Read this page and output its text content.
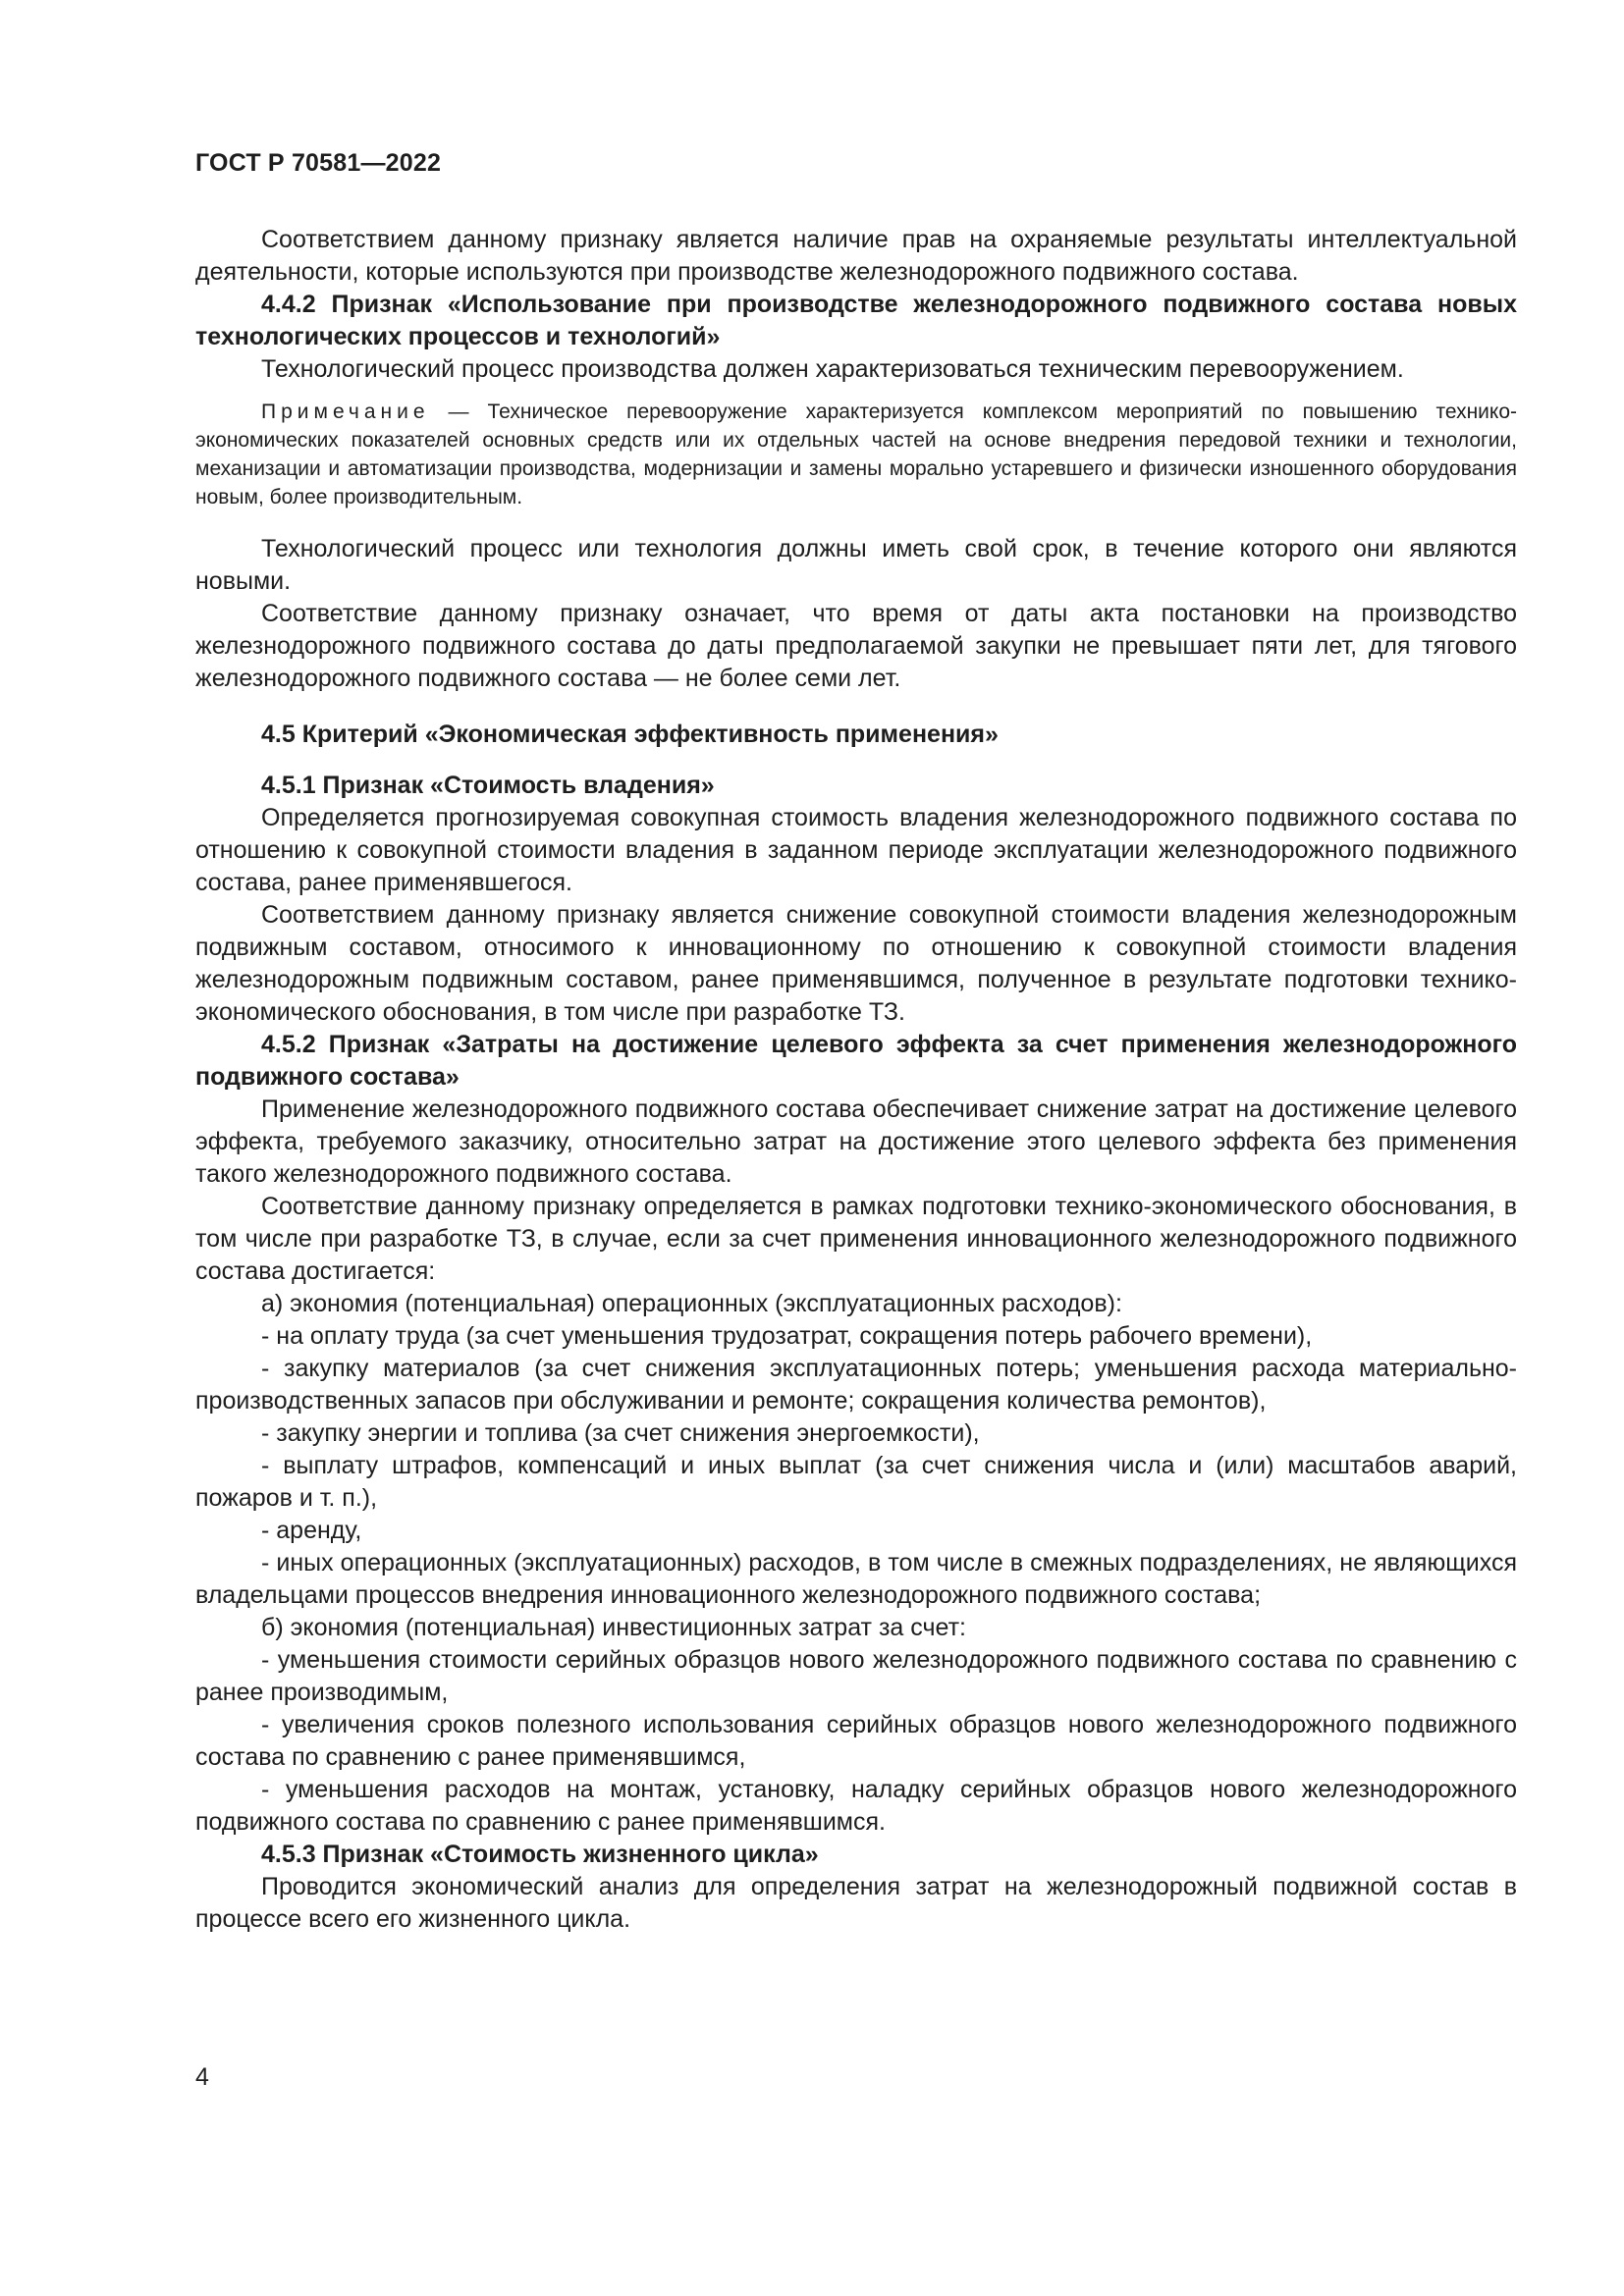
ГОСТ Р 70581—2022

Соответствием данному признаку является наличие прав на охраняемые результаты интеллектуальной деятельности, которые используются при производстве железнодорожного подвижного состава.

4.4.2 Признак «Использование при производстве железнодорожного подвижного состава новых технологических процессов и технологий»

Технологический процесс производства должен характеризоваться техническим перевооружением.

Примечание — Техническое перевооружение характеризуется комплексом мероприятий по повышению технико-экономических показателей основных средств или их отдельных частей на основе внедрения передовой техники и технологии, механизации и автоматизации производства, модернизации и замены морально устаревшего и физически изношенного оборудования новым, более производительным.

Технологический процесс или технология должны иметь свой срок, в течение которого они являются новыми.

Соответствие данному признаку означает, что время от даты акта постановки на производство железнодорожного подвижного состава до даты предполагаемой закупки не превышает пяти лет, для тягового железнодорожного подвижного состава — не более семи лет.

4.5 Критерий «Экономическая эффективность применения»

4.5.1 Признак «Стоимость владения»

Определяется прогнозируемая совокупная стоимость владения железнодорожного подвижного состава по отношению к совокупной стоимости владения в заданном периоде эксплуатации железнодорожного подвижного состава, ранее применявшегося.

Соответствием данному признаку является снижение совокупной стоимости владения железнодорожным подвижным составом, относимого к инновационному по отношению к совокупной стоимости владения железнодорожным подвижным составом, ранее применявшимся, полученное в результате подготовки технико-экономического обоснования, в том числе при разработке ТЗ.

4.5.2 Признак «Затраты на достижение целевого эффекта за счет применения железнодорожного подвижного состава»

Применение железнодорожного подвижного состава обеспечивает снижение затрат на достижение целевого эффекта, требуемого заказчику, относительно затрат на достижение этого целевого эффекта без применения такого железнодорожного подвижного состава.

Соответствие данному признаку определяется в рамках подготовки технико-экономического обоснования, в том числе при разработке ТЗ, в случае, если за счет применения инновационного железнодорожного подвижного состава достигается:

а) экономия (потенциальная) операционных (эксплуатационных расходов):

- на оплату труда (за счет уменьшения трудозатрат, сокращения потерь рабочего времени),

- закупку материалов (за счет снижения эксплуатационных потерь; уменьшения расхода материально-производственных запасов при обслуживании и ремонте; сокращения количества ремонтов),

- закупку энергии и топлива (за счет снижения энергоемкости),

- выплату штрафов, компенсаций и иных выплат (за счет снижения числа и (или) масштабов аварий, пожаров и т. п.),

- аренду,

- иных операционных (эксплуатационных) расходов, в том числе в смежных подразделениях, не являющихся владельцами процессов внедрения инновационного железнодорожного подвижного состава;

б) экономия (потенциальная) инвестиционных затрат за счет:

- уменьшения стоимости серийных образцов нового железнодорожного подвижного состава по сравнению с ранее производимым,

- увеличения сроков полезного использования серийных образцов нового железнодорожного подвижного состава по сравнению с ранее применявшимся,

- уменьшения расходов на монтаж, установку, наладку серийных образцов нового железнодорожного подвижного состава по сравнению с ранее применявшимся.

4.5.3 Признак «Стоимость жизненного цикла»

Проводится экономический анализ для определения затрат на железнодорожный подвижной состав в процессе всего его жизненного цикла.

4
